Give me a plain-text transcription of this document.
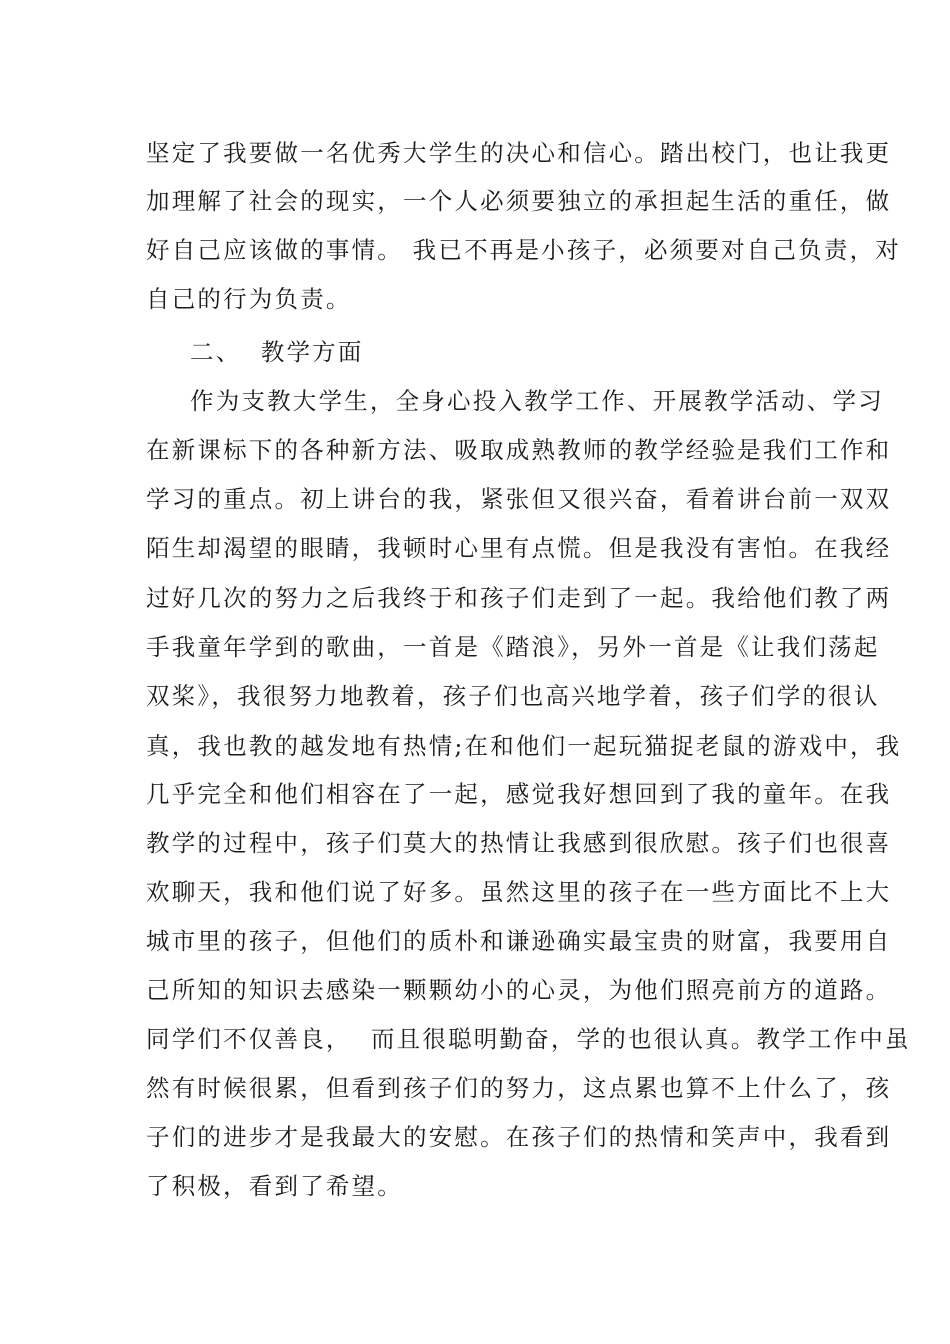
坚定了我要做一名优秀大学生的决心和信心。踏出校门，也让我更
加理解了社会的现实，一个人必须要独立的承担起生活的重任，做
好自己应该做的事情。 我已不再是小孩子，必须要对自己负责，对
自己的行为负责。
二、  教学方面
作为支教大学生，全身心投入教学工作、开展教学活动、学习
在新课标下的各种新方法、吸取成熟教师的教学经验是我们工作和
学习的重点。初上讲台的我，紧张但又很兴奋，看着讲台前一双双
陌生却渴望的眼睛，我顿时心里有点慌。但是我没有害怕。在我经
过好几次的努力之后我终于和孩子们走到了一起。我给他们教了两
手我童年学到的歌曲，一首是《踏浪》，另外一首是《让我们荡起
双桨》，我很努力地教着，孩子们也高兴地学着，孩子们学的很认
真，我也教的越发地有热情;在和他们一起玩猫捉老鼠的游戏中，我
几乎完全和他们相容在了一起，感觉我好想回到了我的童年。在我
教学的过程中，孩子们莫大的热情让我感到很欣慰。孩子们也很喜
欢聊天，我和他们说了好多。虽然这里的孩子在一些方面比不上大
城市里的孩子，但他们的质朴和谦逊确实最宝贵的财富，我要用自
己所知的知识去感染一颗颗幼小的心灵，为他们照亮前方的道路。
同学们不仅善良，  而且很聪明勤奋，学的也很认真。教学工作中虽
然有时候很累，但看到孩子们的努力，这点累也算不上什么了，孩
子们的进步才是我最大的安慰。在孩子们的热情和笑声中，我看到
了积极，看到了希望。
